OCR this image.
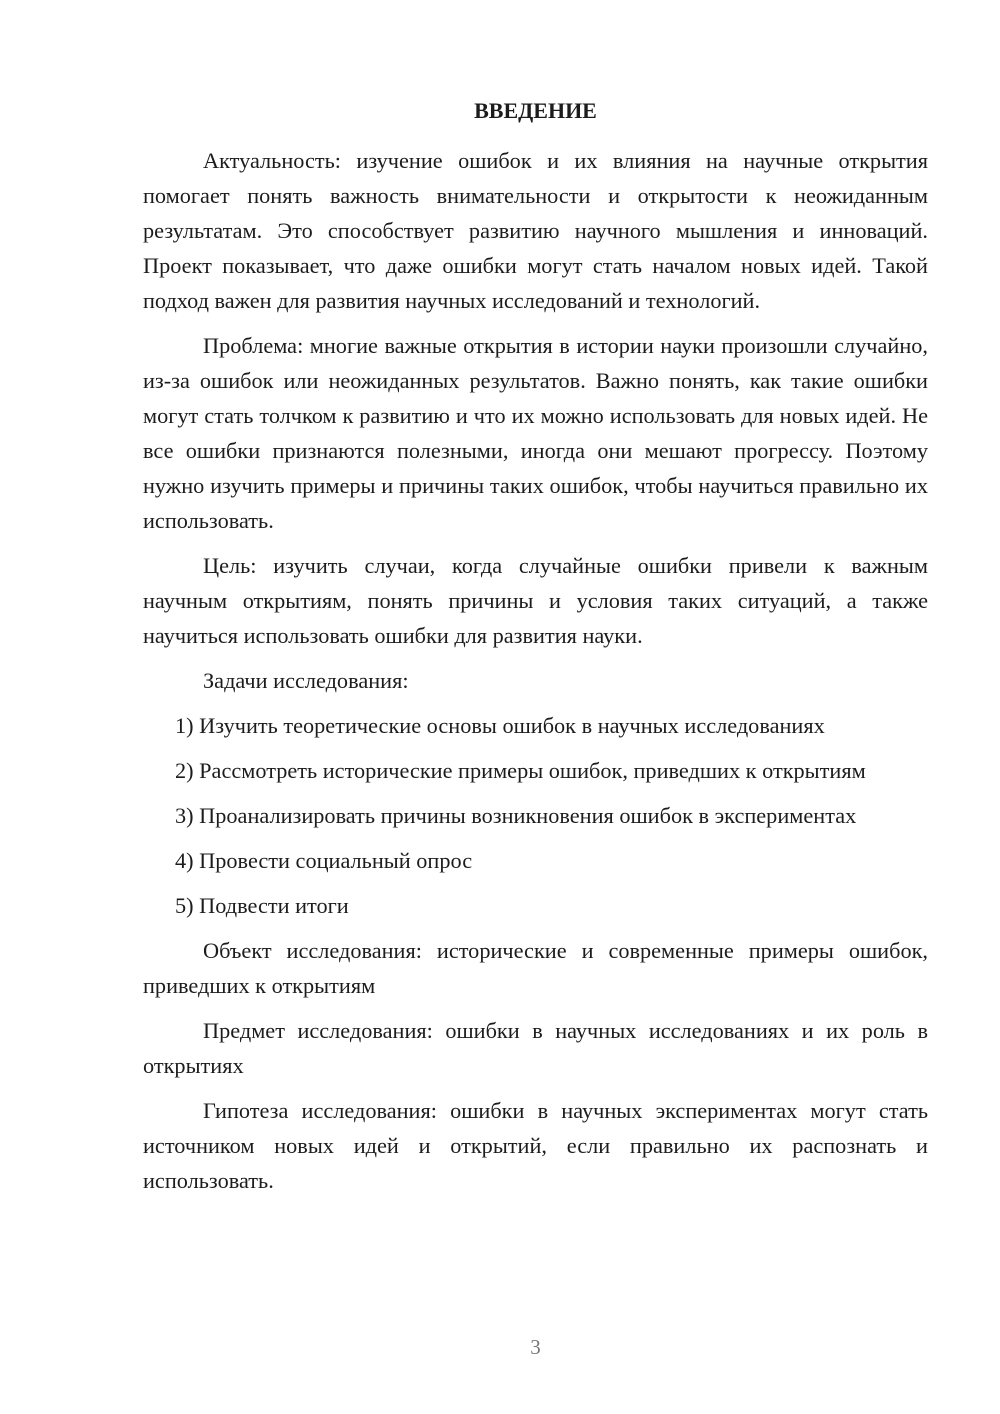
ВВЕДЕНИЕ

Актуальность: изучение ошибок и их влияния на научные открытия помогает понять важность внимательности и открытости к неожиданным результатам. Это способствует развитию научного мышления и инноваций. Проект показывает, что даже ошибки могут стать началом новых идей. Такой подход важен для развития научных исследований и технологий.

Проблема: многие важные открытия в истории науки произошли случайно, из-за ошибок или неожиданных результатов. Важно понять, как такие ошибки могут стать толчком к развитию и что их можно использовать для новых идей. Не все ошибки признаются полезными, иногда они мешают прогрессу. Поэтому нужно изучить примеры и причины таких ошибок, чтобы научиться правильно их использовать.

Цель: изучить случаи, когда случайные ошибки привели к важным научным открытиям, понять причины и условия таких ситуаций, а также научиться использовать ошибки для развития науки.

Задачи исследования:

1) Изучить теоретические основы ошибок в научных исследованиях

2) Рассмотреть исторические примеры ошибок, приведших к открытиям

3) Проанализировать причины возникновения ошибок в экспериментах

4) Провести социальный опрос

5) Подвести итоги

Объект исследования: исторические и современные примеры ошибок, приведших к открытиям

Предмет исследования: ошибки в научных исследованиях и их роль в открытиях

Гипотеза исследования: ошибки в научных экспериментах могут стать источником новых идей и открытий, если правильно их распознать и использовать.

3
